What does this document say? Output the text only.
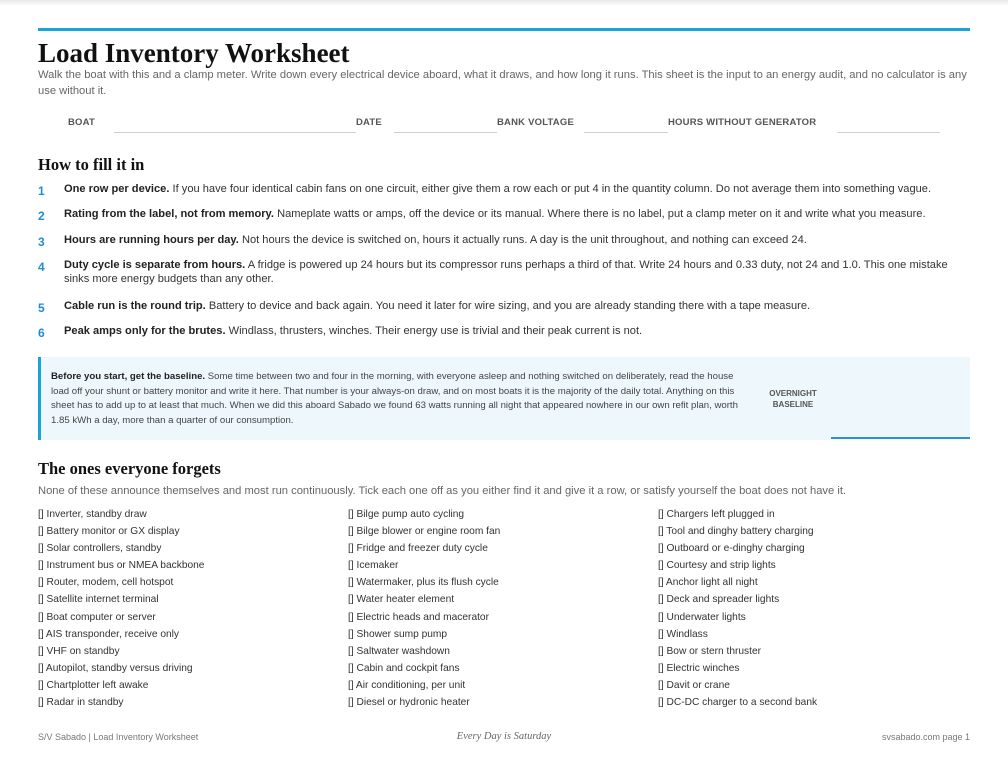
Load Inventory Worksheet
Walk the boat with this and a clamp meter. Write down every electrical device aboard, what it draws, and how long it runs. This sheet is the input to an energy audit, and no calculator is any use without it.
BOAT	DATE	BANK VOLTAGE	HOURS WITHOUT GENERATOR
How to fill it in
1 One row per device. If you have four identical cabin fans on one circuit, either give them a row each or put 4 in the quantity column. Do not average them into something vague.
2 Rating from the label, not from memory. Nameplate watts or amps, off the device or its manual. Where there is no label, put a clamp meter on it and write what you measure.
3 Hours are running hours per day. Not hours the device is switched on, hours it actually runs. A day is the unit throughout, and nothing can exceed 24.
4 Duty cycle is separate from hours. A fridge is powered up 24 hours but its compressor runs perhaps a third of that. Write 24 hours and 0.33 duty, not 24 and 1.0. This one mistake sinks more energy budgets than any other.
5 Cable run is the round trip. Battery to device and back again. You need it later for wire sizing, and you are already standing there with a tape measure.
6 Peak amps only for the brutes. Windlass, thrusters, winches. Their energy use is trivial and their peak current is not.
Before you start, get the baseline. Some time between two and four in the morning, with everyone asleep and nothing switched on deliberately, read the house load off your shunt or battery monitor and write it here. That number is your always-on draw, and on most boats it is the majority of the daily total. Anything on this sheet has to add up to at least that much. When we did this aboard Sabado we found 63 watts running all night that appeared nowhere in our own refit plan, worth 1.85 kWh a day, more than a quarter of our consumption.
OVERNIGHT BASELINE
The ones everyone forgets
None of these announce themselves and most run continuously. Tick each one off as you either find it and give it a row, or satisfy yourself the boat does not have it.
[] Inverter, standby draw
[] Battery monitor or GX display
[] Solar controllers, standby
[] Instrument bus or NMEA backbone
[] Router, modem, cell hotspot
[] Satellite internet terminal
[] Boat computer or server
[] AIS transponder, receive only
[] VHF on standby
[] Autopilot, standby versus driving
[] Chartplotter left awake
[] Radar in standby
[] Bilge pump auto cycling
[] Bilge blower or engine room fan
[] Fridge and freezer duty cycle
[] Icemaker
[] Watermaker, plus its flush cycle
[] Water heater element
[] Electric heads and macerator
[] Shower sump pump
[] Saltwater washdown
[] Cabin and cockpit fans
[] Air conditioning, per unit
[] Diesel or hydronic heater
[] Chargers left plugged in
[] Tool and dinghy battery charging
[] Outboard or e-dinghy charging
[] Courtesy and strip lights
[] Anchor light all night
[] Deck and spreader lights
[] Underwater lights
[] Windlass
[] Bow or stern thruster
[] Electric winches
[] Davit or crane
[] DC-DC charger to a second bank
S/V Sabado | Load Inventory Worksheet	Every Day is Saturday	svsabado.com page 1
